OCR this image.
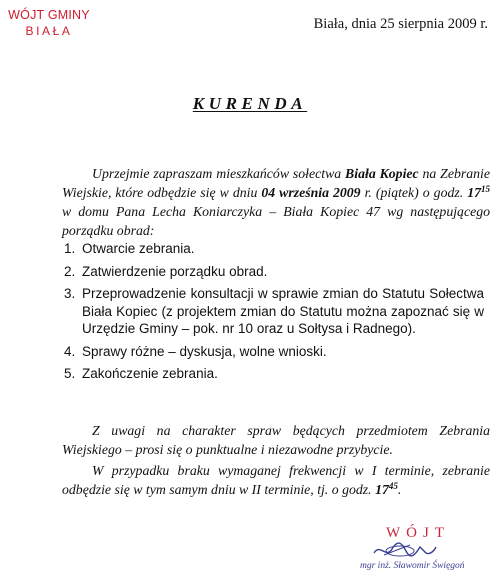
WÓJT GMINY
BIAŁA	Biała, dnia 25 sierpnia 2009 r.
KURENDA

Uprzejmie zapraszam mieszkańców sołectwa Biała Kopiec na Zebranie Wiejskie, które odbędzie się w dniu 04 września 2009 r. (piątek) o godz. $17^{15}$ w domu Pana Lecha Koniarczyka – Biała Kopiec 47 wg następującego porządku obrad:

1. Otwarcie zebrania.
2. Zatwierdzenie porządku obrad.
3. Przeprowadzenie konsultacji w sprawie zmian do Statutu Sołectwa Biała Kopiec (z projektem zmian do Statutu można zapoznać się w Urzędzie Gminy – pok. nr 10 oraz u Sołtysa i Radnego).
4. Sprawy różne – dyskusja, wolne wnioski.
5. Zakończenie zebrania.

Z uwagi na charakter spraw będących przedmiotem Zebrania Wiejskiego – prosi się o punktualne i niezawodne przybycie.

W przypadku braku wymaganej frekwencji w I terminie, zebranie odbędzie się w tym samym dniu w II terminie, tj. o godz. $17^{45}$.

WÓJT
mgr inż. Sławomir Święgoń
